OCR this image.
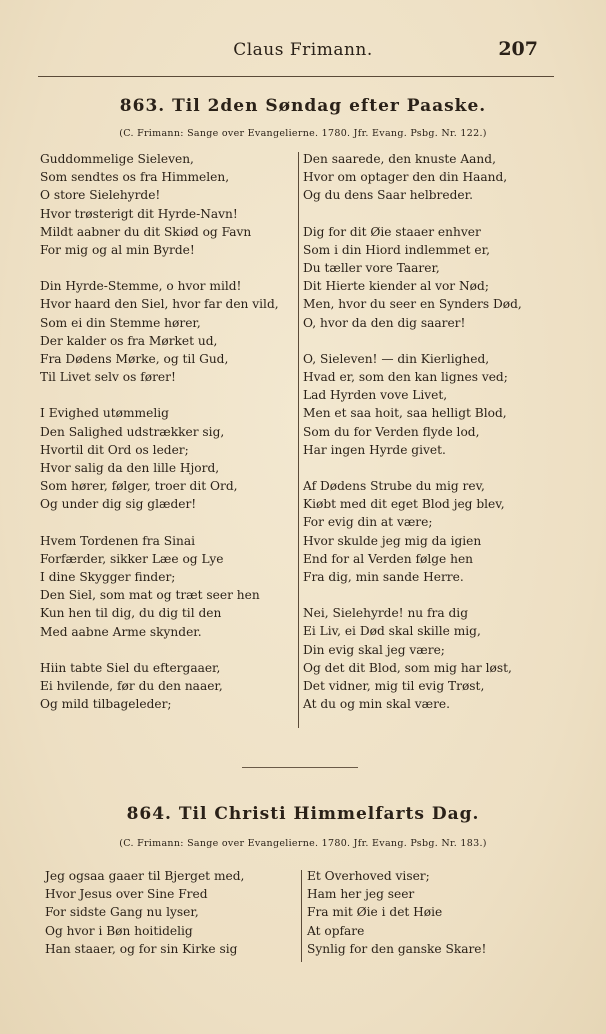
Claus Frimann.	207
863. Til 2den Søndag efter Paaske.
(C. Frimann: Sange over Evangelierne. 1780. Jfr. Evang. Psbg. Nr. 122.)
Guddommelige Sieleven,
Som sendtes os fra Himmelen,
O store Sielehyrde!
Hvor trøsterigt dit Hyrde-Navn!
Mildt aabner du dit Skiød og Favn
For mig og al min Byrde!
Din Hyrde-Stemme, o hvor mild!
Hvor haard den Siel, hvor far den vild,
Som ei din Stemme hører,
Der kalder os fra Mørket ud,
Fra Dødens Mørke, og til Gud,
Til Livet selv os fører!
I Evighed utømmelig
Den Salighed udstrækker sig,
Hvortil dit Ord os leder;
Hvor salig da den lille Hjord,
Som hører, følger, troer dit Ord,
Og under dig sig glæder!
Hvem Tordenen fra Sinai
Forfærder, sikker Læe og Lye
I dine Skygger finder;
Den Siel, som mat og træt seer hen
Kun hen til dig, du dig til den
Med aabne Arme skynder.
Hiin tabte Siel du eftergaaer,
Ei hvilende, før du den naaer,
Og mild tilbageleder;
Den saarede, den knuste Aand,
Hvor om optager den din Haand,
Og du dens Saar helbreder.
Dig for dit Øie staaer enhver
Som i din Hiord indlemmet er,
Du tæller vore Taarer,
Dit Hierte kiender al vor Nød;
Men, hvor du seer en Synders Død,
O, hvor da den dig saarer!
O, Sieleven! — din Kierlighed,
Hvad er, som den kan lignes ved;
Lad Hyrden vove Livet,
Men et saa hoit, saa helligt Blod,
Som du for Verden flyde lod,
Har ingen Hyrde givet.
Af Dødens Strube du mig rev,
Kiøbt med dit eget Blod jeg blev,
For evig din at være;
Hvor skulde jeg mig da igien
End for al Verden følge hen
Fra dig, min sande Herre.
Nei, Sielehyrde! nu fra dig
Ei Liv, ei Død skal skille mig,
Din evig skal jeg være;
Og det dit Blod, som mig har løst,
Det vidner, mig til evig Trøst,
At du og min skal være.
864. Til Christi Himmelfarts Dag.
(C. Frimann: Sange over Evangelierne. 1780. Jfr. Evang. Psbg. Nr. 183.)
Jeg ogsaa gaaer til Bjerget med,
Hvor Jesus over Sine Fred
For sidste Gang nu lyser,
Og hvor i Bøn hoitidelig
Han staaer, og for sin Kirke sig
Et Overhoved viser;
Ham her jeg seer
Fra mit Øie i det Høie
At opfare
Synlig for den ganske Skare!
